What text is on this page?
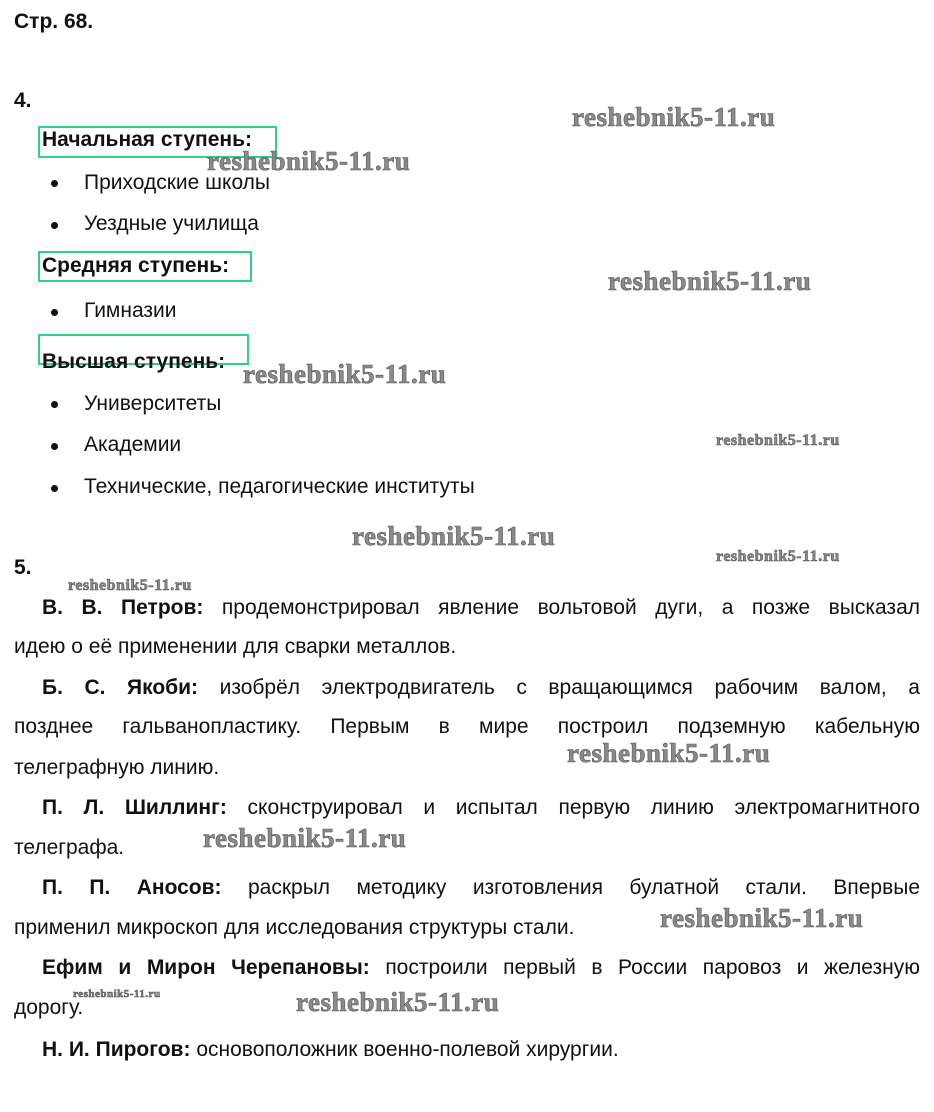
Стр. 68.
4.
Начальная ступень:
Приходские школы
Уездные училища
Средняя ступень:
Гимназии
Высшая ступень:
Университеты
Академии
Технические, педагогические институты
5.
В. В. Петров: продемонстрировал явление вольтовой дуги, а позже высказал
идею о её применении для сварки металлов.
Б. С. Якоби: изобрёл электродвигатель с вращающимся рабочим валом, а
позднее гальванопластику. Первым в мире построил подземную кабельную
телеграфную линию.
П. Л. Шиллинг: сконструировал и испытал первую линию электромагнитного
телеграфа.
П. П. Аносов: раскрыл методику изготовления булатной стали. Впервые
применил микроскоп для исследования структуры стали.
Ефим и Мирон Черепановы: построили первый в России паровоз и железную
дорогу.
Н. И. Пирогов: основоположник военно-полевой хирургии.
reshebnik5-11.ru
reshebnik5-11.ru
reshebnik5-11.ru
reshebnik5-11.ru
reshebnik5-11.ru
reshebnik5-11.ru
reshebnik5-11.ru
reshebnik5-11.ru
reshebnik5-11.ru
reshebnik5-11.ru
reshebnik5-11.ru
reshebnik5-11.ru	reshebnik5-11.ru
